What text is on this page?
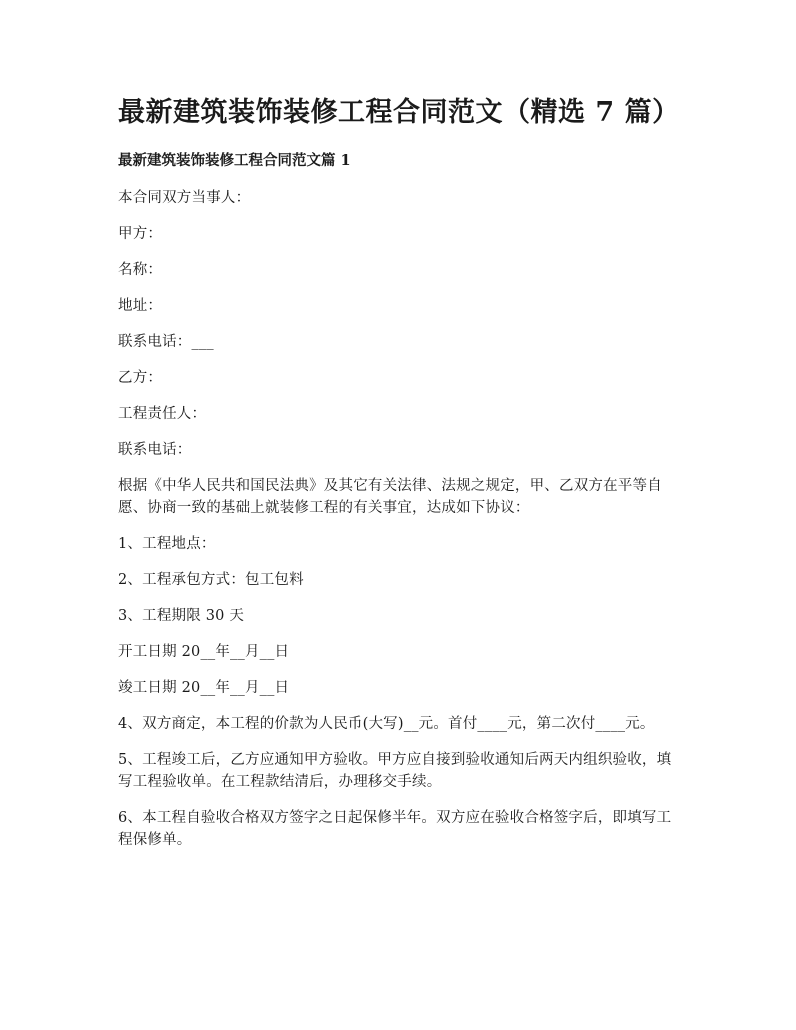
最新建筑装饰装修工程合同范文（精选 7 篇）
最新建筑装饰装修工程合同范文篇 1

本合同双方当事人：

甲方：

名称：

地址：

联系电话：___

乙方：

工程责任人：

联系电话：

根据《中华人民共和国民法典》及其它有关法律、法规之规定，甲、乙双方在平等自愿、协商一致的基础上就装修工程的有关事宜，达成如下协议：

1、工程地点：

2、工程承包方式：包工包料

3、工程期限 30 天

开工日期 20__年__月__日

竣工日期 20__年__月__日

4、双方商定，本工程的价款为人民币(大写)__元。首付____元，第二次付____元。

5、工程竣工后，乙方应通知甲方验收。甲方应自接到验收通知后两天内组织验收，填写工程验收单。在工程款结清后，办理移交手续。

6、本工程自验收合格双方签字之日起保修半年。双方应在验收合格签字后，即填写工程保修单。
